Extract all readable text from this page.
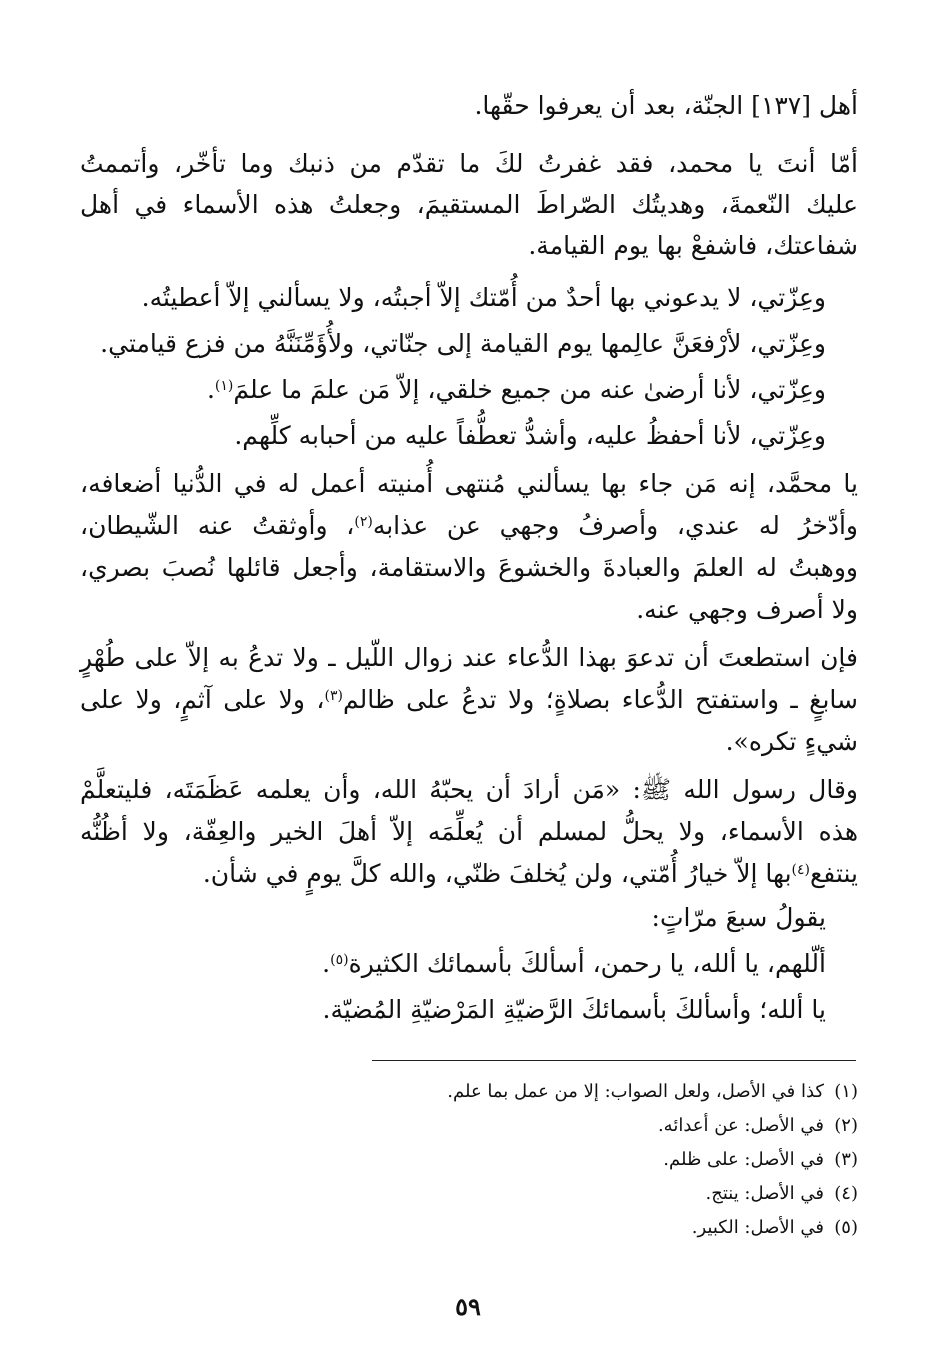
أهل [١٣٧] الجنّة، بعد أن يعرفوا حقّها.
أمّا أنتَ يا محمد، فقد غفرتُ لكَ ما تقدّم من ذنبك وما تأخّر، وأتممتُ
عليك النّعمةَ، وهديتُك الصّراطَ المستقيمَ، وجعلتُ هذه الأسماء في أهل
شفاعتك، فاشفعْ بها يوم القيامة.
وعِزّتي، لا يدعوني بها أحدٌ من أُمّتك إلاّ أجبتُه، ولا يسألني إلاّ أعطيتُه.
وعِزّتي، لأرْفعَنَّ عالِمها يوم القيامة إلى جنّاتي، ولأُؤَمِّنَنَّهُ من فزع قيامتي.
وعِزّتي، لأنا أرضىٰ عنه من جميع خلقي، إلاّ مَن علمَ ما علمَ$^{(١)}$.
وعِزّتي، لأنا أحفظُ عليه، وأشدُّ تعطُّفاً عليه من أحبابه كلِّهم.
يا محمَّد، إنه مَن جاء بها يسألني مُنتهى أُمنيته أعمل له في الدُّنيا أضعافه،
وأدّخرُ له عندي، وأصرفُ وجهي عن عذابه$^{(٢)}$، وأوثقتُ عنه الشّيطان،
ووهبتُ له العلمَ والعبادةَ والخشوعَ والاستقامة، وأجعل قائلها نُصبَ بصري،
ولا أصرف وجهي عنه.
فإن استطعتَ أن تدعوَ بهذا الدُّعاء عند زوال اللّيل ـ ولا تدعُ به إلاّ على طُهْرٍ
سابغٍ ـ واستفتح الدُّعاء بصلاةٍ؛ ولا تدعُ على ظالم$^{(٣)}$، ولا على آثمٍ، ولا على
شيءٍ تكره».
وقال رسول الله ﷺ: «مَن أرادَ أن يحبّهُ الله، وأن يعلمه عَظَمَتَه، فليتعلَّمْ
هذه الأسماء، ولا يحلُّ لمسلم أن يُعلِّمَه إلاّ أهلَ الخير والعِفّة، ولا أظُنُّه
ينتفع$^{(٤)}$بها إلاّ خيارُ أُمّتي، ولن يُخلفَ ظنّي، والله كلَّ يومٍ في شأن.
يقولُ سبعَ مرّاتٍ:
ألّلهم، يا ألله، يا رحمن، أسألكَ بأسمائك الكثيرة$^{(٥)}$.
يا ألله؛ وأسألكَ بأسمائكَ الرَّضيّةِ المَرْضيّةِ المُضيّة.
(١)كذا في الأصل، ولعل الصواب: إلا من عمل بما علم.
(٢)في الأصل: عن أعدائه.
(٣)في الأصل: على ظلم.
(٤)في الأصل: ينتج.
(٥)في الأصل: الكبير.
٥٩
